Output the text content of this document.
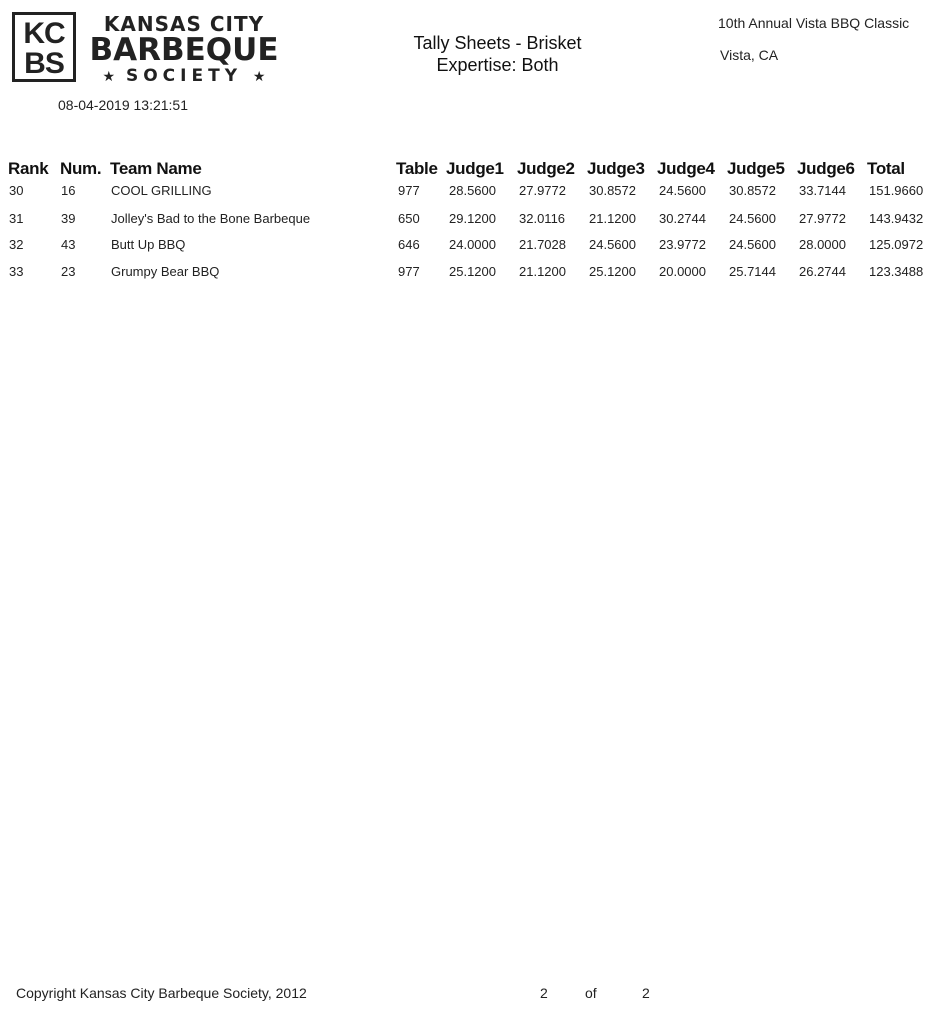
KC
BS
KANSAS CITY
BARBEQUE
★ SOCIETY ★
08-04-2019 13:21:51
Tally Sheets - Brisket
Expertise: Both
10th Annual Vista BBQ Classic
Vista, CA
Rank Num. Team Name	Table Judge1 Judge2 Judge3 Judge4 Judge5 Judge6 Total
30	16	COOL GRILLING	977 28.5600 27.9772 30.8572 24.5600 30.8572 33.7144 151.9660
31	39	Jolley's Bad to the Bone Barbeque	650 29.1200 32.0116 21.1200 30.2744 24.5600 27.9772 143.9432
32	43	Butt Up BBQ	646 24.0000 21.7028 24.5600 23.9772 24.5600 28.0000 125.0972
33	23	Grumpy Bear BBQ	977 25.1200 21.1200 25.1200 20.0000 25.7144 26.2744 123.3488
Copyright Kansas City Barbeque Society, 2012	2	of	2
